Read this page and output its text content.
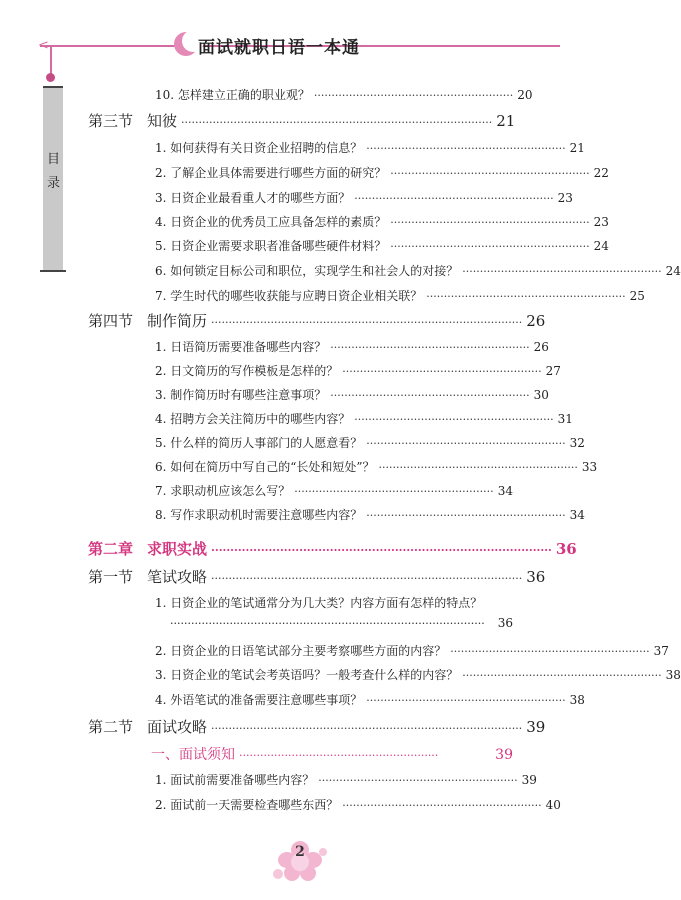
<	面试就职日语一本通
目录
10. 怎样建立正确的职业观？ ························································· 20
第三节 知彼 ························································································· 21
1. 如何获得有关日资企业招聘的信息？ ························································· 21
2. 了解企业具体需要进行哪些方面的研究？ ························································· 22
3. 日资企业最看重人才的哪些方面？ ························································· 23
4. 日资企业的优秀员工应具备怎样的素质？ ························································· 23
5. 日资企业需要求职者准备哪些硬件材料？ ························································· 24
6. 如何锁定目标公司和职位，实现学生和社会人的对接？ ························································· 24
7. 学生时代的哪些收获能与应聘日资企业相关联？ ························································· 25
第四节 制作简历 ························································································· 26
1. 日语简历需要准备哪些内容？ ························································· 26
2. 日文简历的写作模板是怎样的？ ························································· 27
3. 制作简历时有哪些注意事项？ ························································· 30
4. 招聘方会关注简历中的哪些内容？ ························································· 31
5. 什么样的简历人事部门的人愿意看？ ························································· 32
6. 如何在简历中写自己的“长处和短处”？ ························································· 33
7. 求职动机应该怎么写？ ························································· 34
8. 写作求职动机时需要注意哪些内容？ ························································· 34
第二章 求职实战 ························································································· 36
第一节 笔试攻略 ························································································· 36
1. 日资企业的笔试通常分为几大类？内容方面有怎样的特点？
··························································································	36
2. 日资企业的日语笔试部分主要考察哪些方面的内容？ ························································· 37
3. 日资企业的笔试会考英语吗？一般考查什么样的内容？ ························································· 38
4. 外语笔试的准备需要注意哪些事项？ ························································· 38
第二节 面试攻略 ························································································· 39
一、面试须知 ·························································	39
1. 面试前需要准备哪些内容？ ························································· 39
2. 面试前一天需要检查哪些东西？ ························································· 40
2
